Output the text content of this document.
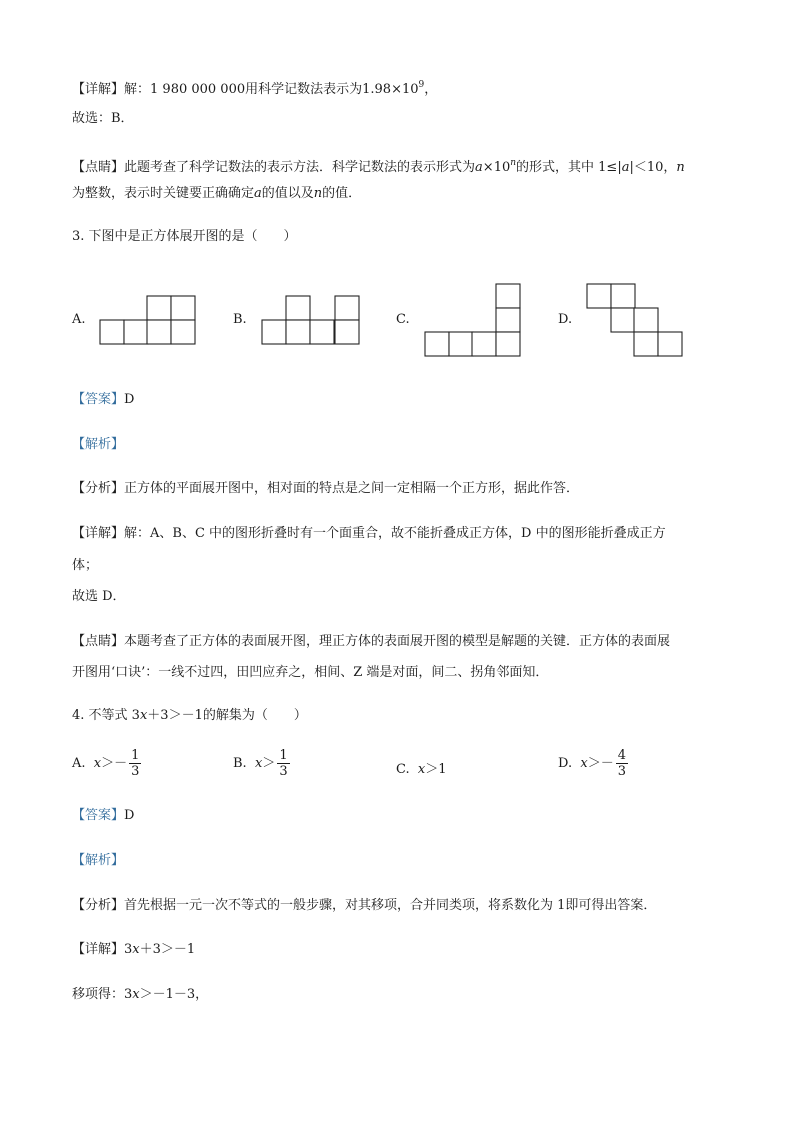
【详解】解：1 980 000 000用科学记数法表示为$1.98\times 10^9$，
故选：B．
【点睛】此题考查了科学记数法的表示方法．科学记数法的表示形式为$a\times 10^n$的形式，其中 1≤|a|＜10，n
为整数，表示时关键要正确确定a的值以及n的值．
3. 下图中是正方体展开图的是（　　）
A.	B.	C.	D.
【答案】D
【解析】
【分析】正方体的平面展开图中，相对面的特点是之间一定相隔一个正方形，据此作答．
【详解】解：A、B、C 中的图形折叠时有一个面重合，故不能折叠成正方体，D 中的图形能折叠成正方
体；
故选 D．
【点睛】本题考查了正方体的表面展开图，理正方体的表面展开图的模型是解题的关键．正方体的表面展
开图用‘口诀’：一线不过四，田凹应弃之，相间、Z 端是对面，间二、拐角邻面知．
4. 不等式 3x＋3＞－1的解集为（　　）
A. $x>- \frac{1}{3}$	B. $x> \frac{1}{3}$	C. x＞1	D. $x>- \frac{4}{3}$
【答案】D
【解析】
【分析】首先根据一元一次不等式的一般步骤，对其移项，合并同类项，将系数化为 1即可得出答案．
【详解】3x＋3＞－1
移项得：3x＞－1－3，
